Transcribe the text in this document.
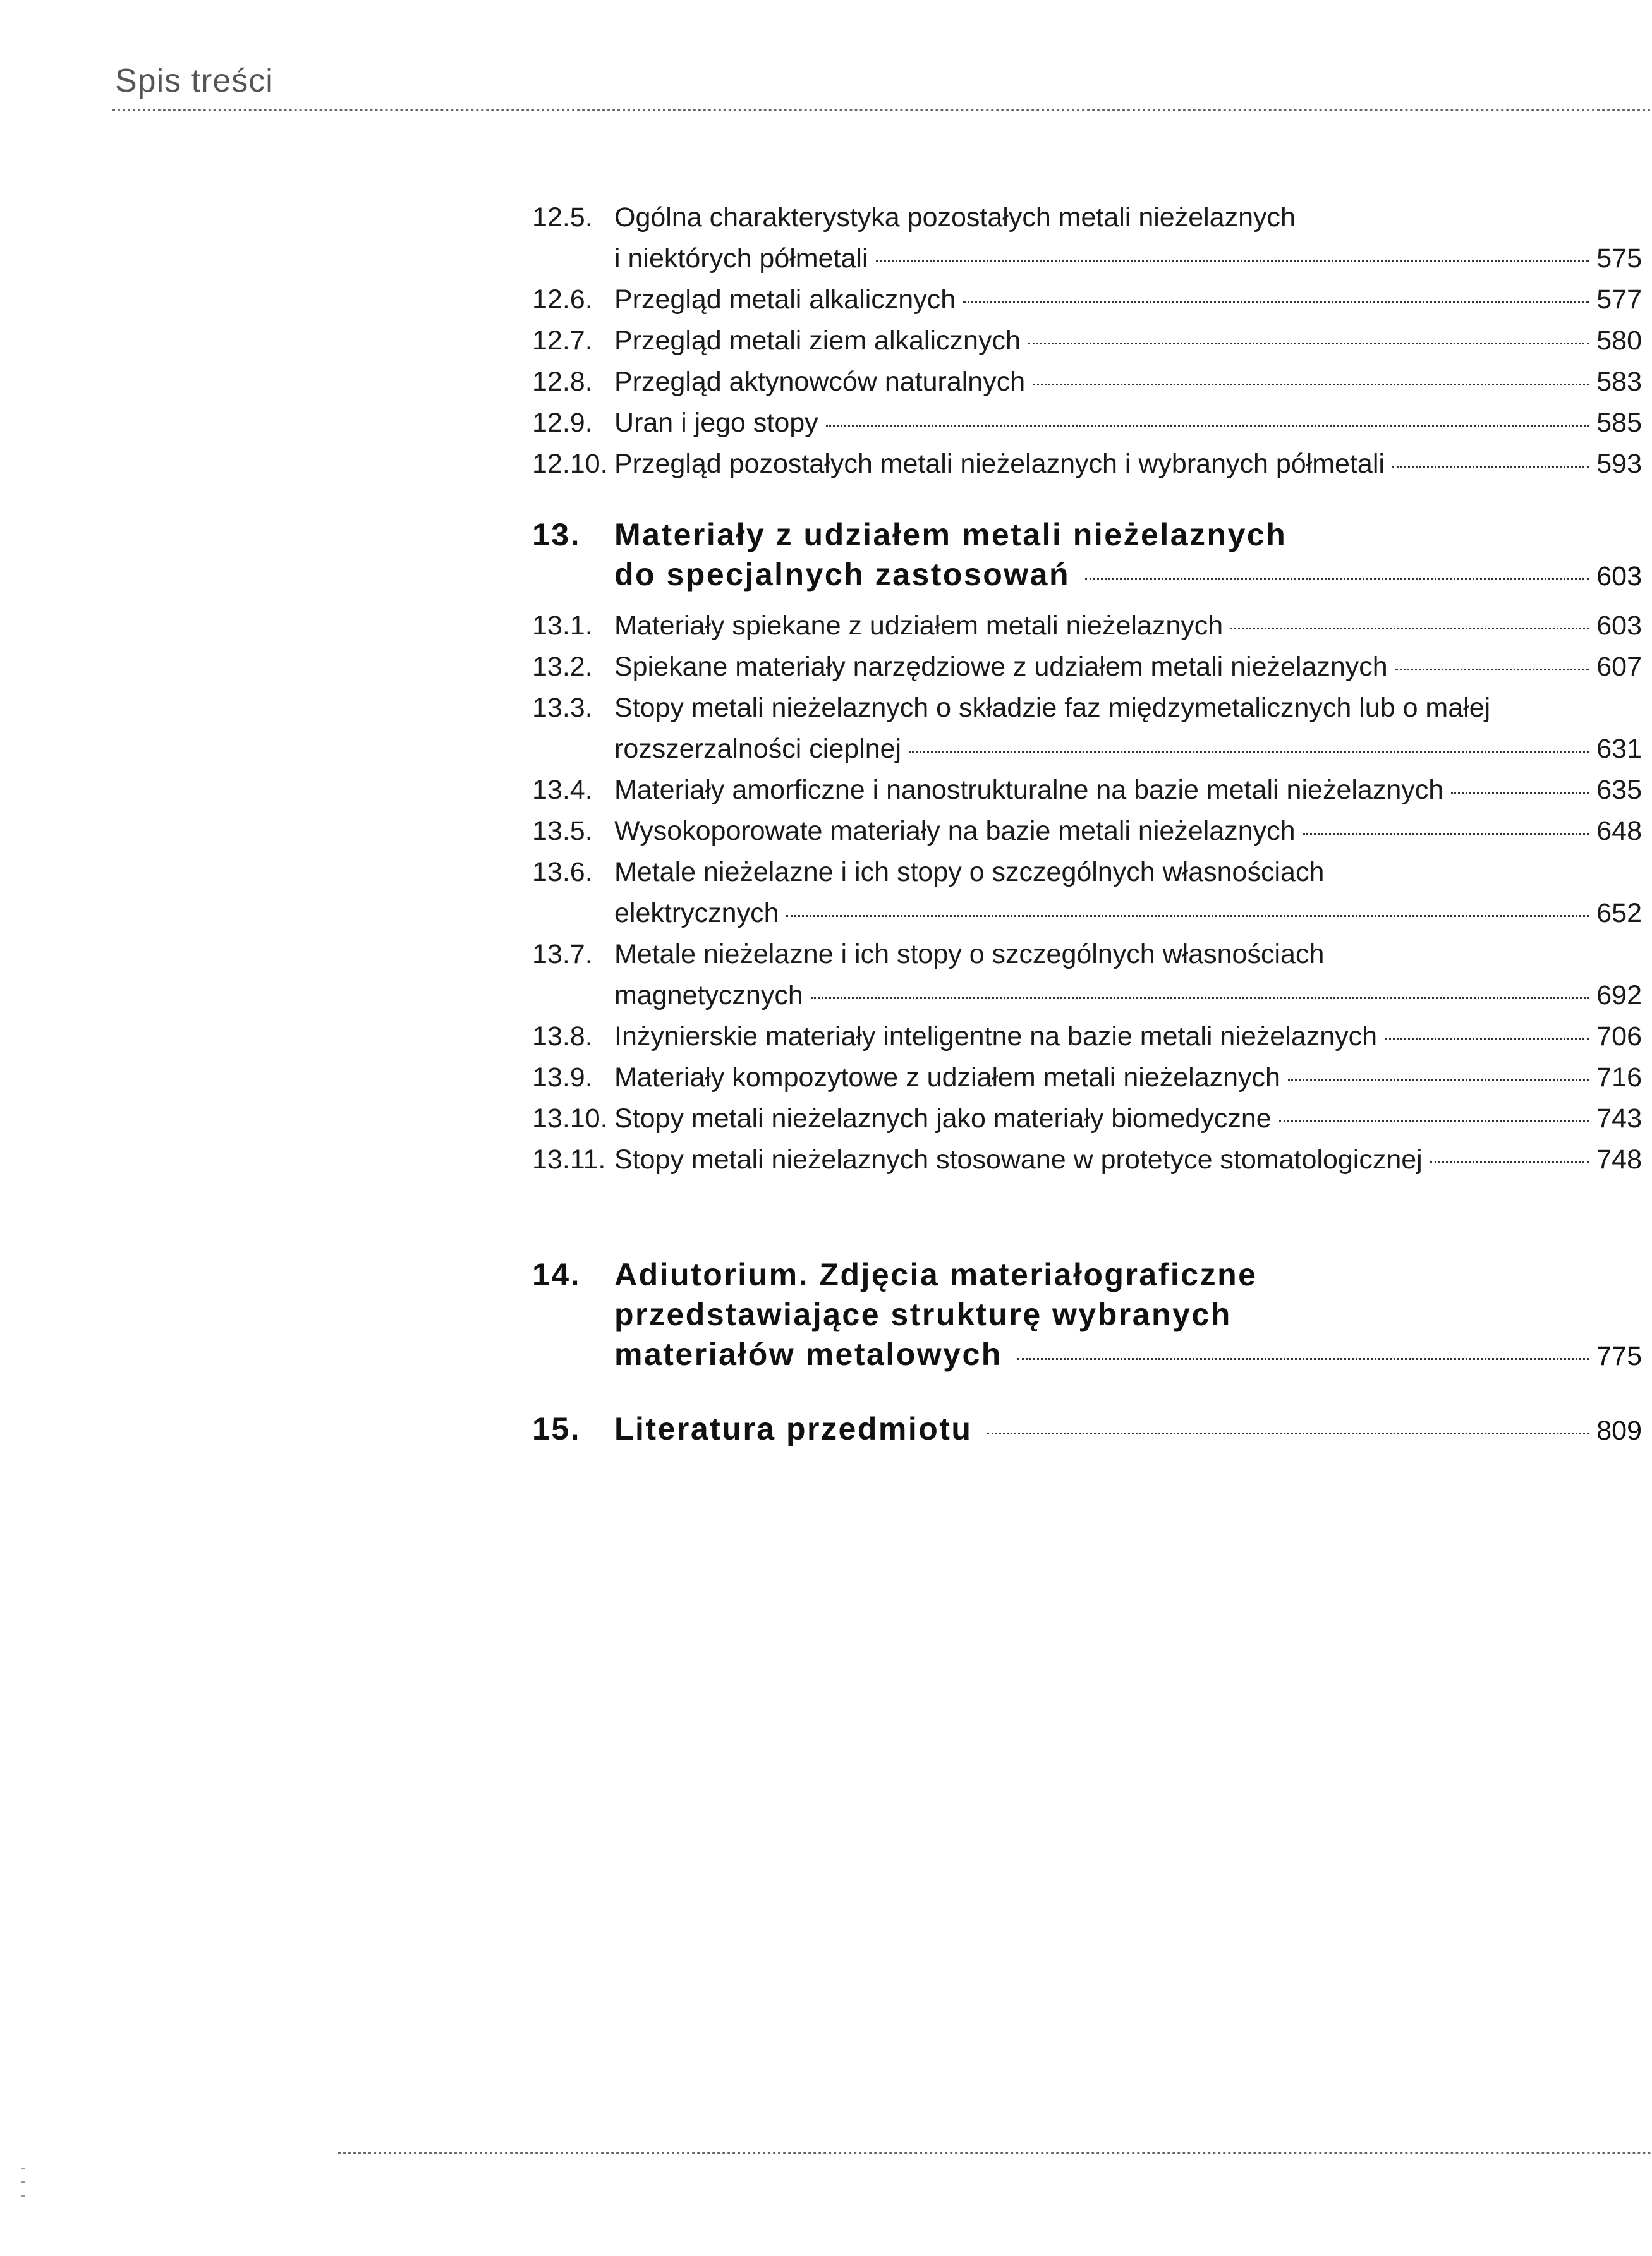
Spis treści
12.5. Ogólna charakterystyka pozostałych metali nieżelaznych
i niektórych półmetali	575
12.6. Przegląd metali alkalicznych	577
12.7. Przegląd metali ziem alkalicznych	580
12.8. Przegląd aktynowców naturalnych	583
12.9. Uran i jego stopy	585
12.10. Przegląd pozostałych metali nieżelaznych i wybranych półmetali	593
13.	Materiały z udziałem metali nieżelaznych
do specjalnych zastosowań	603
13.1. Materiały spiekane z udziałem metali nieżelaznych	603
13.2. Spiekane materiały narzędziowe z udziałem metali nieżelaznych	607
13.3. Stopy metali nieżelaznych o składzie faz międzymetalicznych lub o małej
rozszerzalności cieplnej	631
13.4. Materiały amorficzne i nanostrukturalne na bazie metali nieżelaznych	635
13.5. Wysokoporowate materiały na bazie metali nieżelaznych	648
13.6. Metale nieżelazne i ich stopy o szczególnych własnościach
elektrycznych	652
13.7. Metale nieżelazne i ich stopy o szczególnych własnościach
magnetycznych	692
13.8. Inżynierskie materiały inteligentne na bazie metali nieżelaznych	706
13.9. Materiały kompozytowe z udziałem metali nieżelaznych	716
13.10. Stopy metali nieżelaznych jako materiały biomedyczne	743
13.11. Stopy metali nieżelaznych stosowane w protetyce stomatologicznej	748
14.	Adiutorium. Zdjęcia materiałograficzne
przedstawiające strukturę wybranych
materiałów metalowych	775
15.	Literatura przedmiotu	809
